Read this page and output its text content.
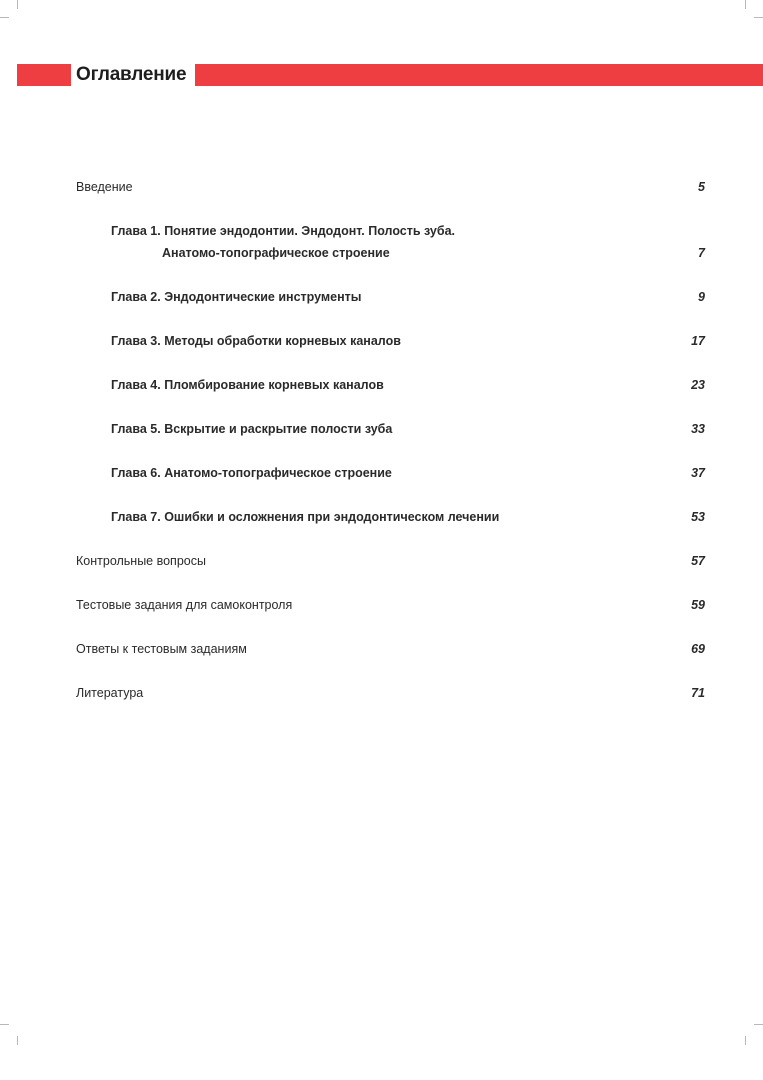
Оглавление
Введение	5
Глава 1. Понятие эндодонтии. Эндодонт. Полость зуба.
Анатомо-топографическое строение	7
Глава 2. Эндодонтические инструменты	9
Глава 3. Методы обработки корневых каналов	17
Глава 4. Пломбирование корневых каналов	23
Глава 5. Вскрытие и раскрытие полости зуба	33
Глава 6. Анатомо-топографическое строение	37
Глава 7. Ошибки и осложнения при эндодонтическом лечении	53
Контрольные вопросы	57
Тестовые задания для самоконтроля	59
Ответы к тестовым заданиям	69
Литература	71
